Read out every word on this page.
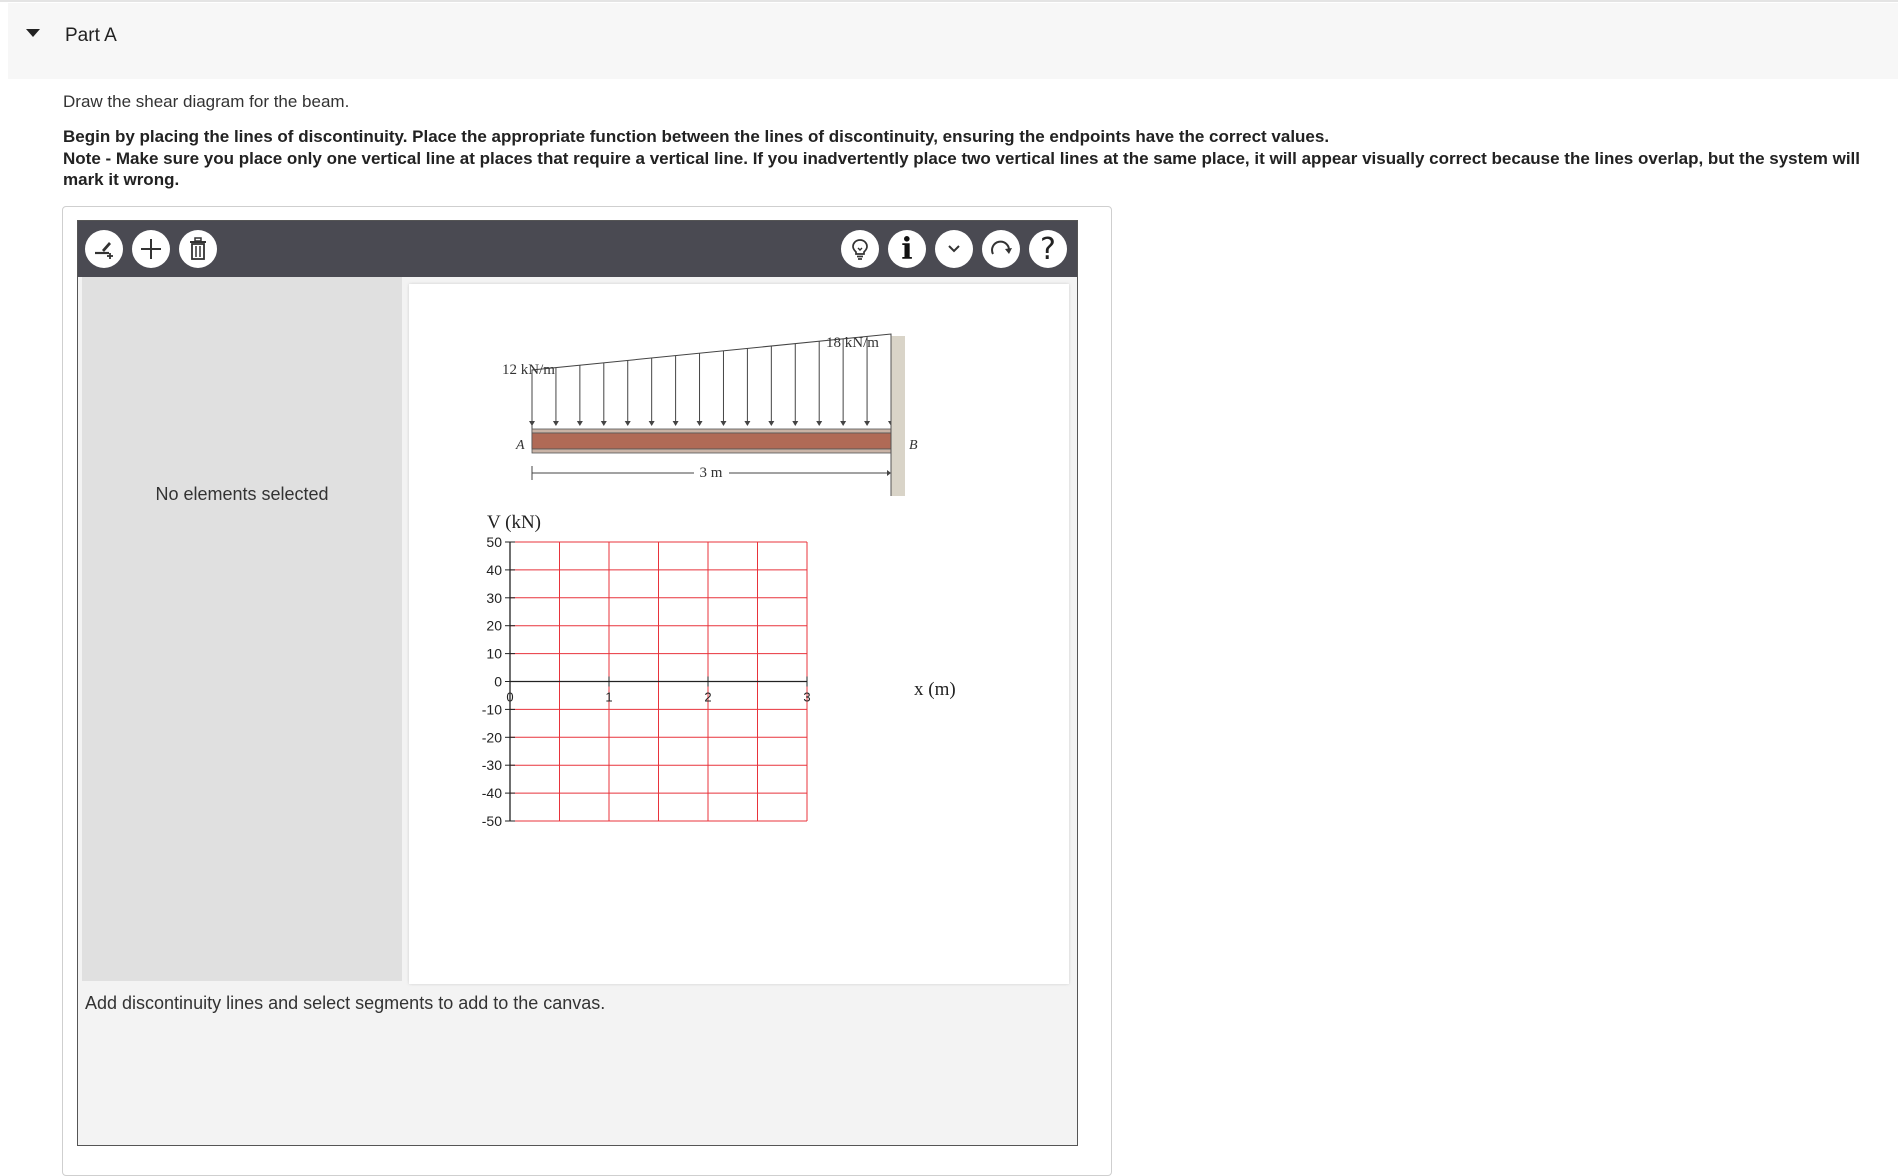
Part A
Draw the shear diagram for the beam.
Begin by placing the lines of discontinuity. Place the appropriate function between the lines of discontinuity, ensuring the endpoints have the correct values.
Note - Make sure you place only one vertical line at places that require a vertical line. If you inadvertently place two vertical lines at the same place, it will appear visually correct because the lines overlap, but the system will mark it wrong.
i	?
No elements selected
3 m
12 kN/m
18 kN/m
A	B
V (kN)
x (m)
50
40
30
20
10
0
-10
-20
-30
-40
-50
0	1	2	3
Add discontinuity lines and select segments to add to the canvas.
